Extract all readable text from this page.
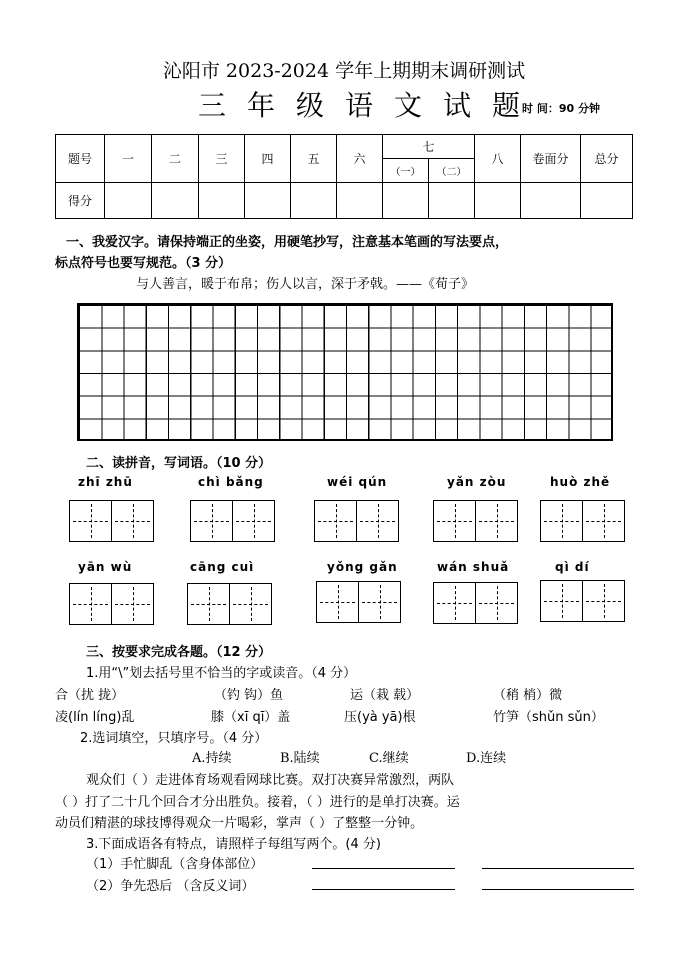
沁阳市 2023-2024 学年上期期末调研测试
三年级语文试题
时 间：90 分钟
题号	一	二	三	四	五	六	七		八	卷面分	总分
							（一）	（二）			
得分											
一、我爱汉字。请保持端正的坐姿，用硬笔抄写，注意基本笔画的写法要点，
标点符号也要写规范。（3 分）
与人善言，暖于布帛；伤人以言，深于矛戟。——《荀子》
二、读拼音，写词语。（10 分）
zhī zhū	chì bǎng	wéi qún	yǎn zòu	huò zhě
yān wù	cāng cuì	yǒng gǎn	wán shuǎ	qì dí
三、按要求完成各题。（12 分）
1.用“\”划去括号里不恰当的字或读音。（4 分）
合（扰 拢）	（钓 钩）鱼	运（栽 载）	（稍 梢）微
凌(lín líng)乱	膝（xī qī）盖	压(yà yā)根	竹笋（shǔn sǔn）
2.选词填空，只填序号。（4 分）
A.持续	B.陆续	C.继续	D.连续
观众们（ ）走进体育场观看网球比赛。双打决赛异常激烈，两队
（ ）打了二十几个回合才分出胜负。接着，（ ）进行的是单打决赛。运
动员们精湛的球技博得观众一片喝彩，掌声（ ）了整整一分钟。
3.下面成语各有特点，请照样子每组写两个。(4 分)
（1）手忙脚乱（含身体部位）
（2）争先恐后 （含反义词）
